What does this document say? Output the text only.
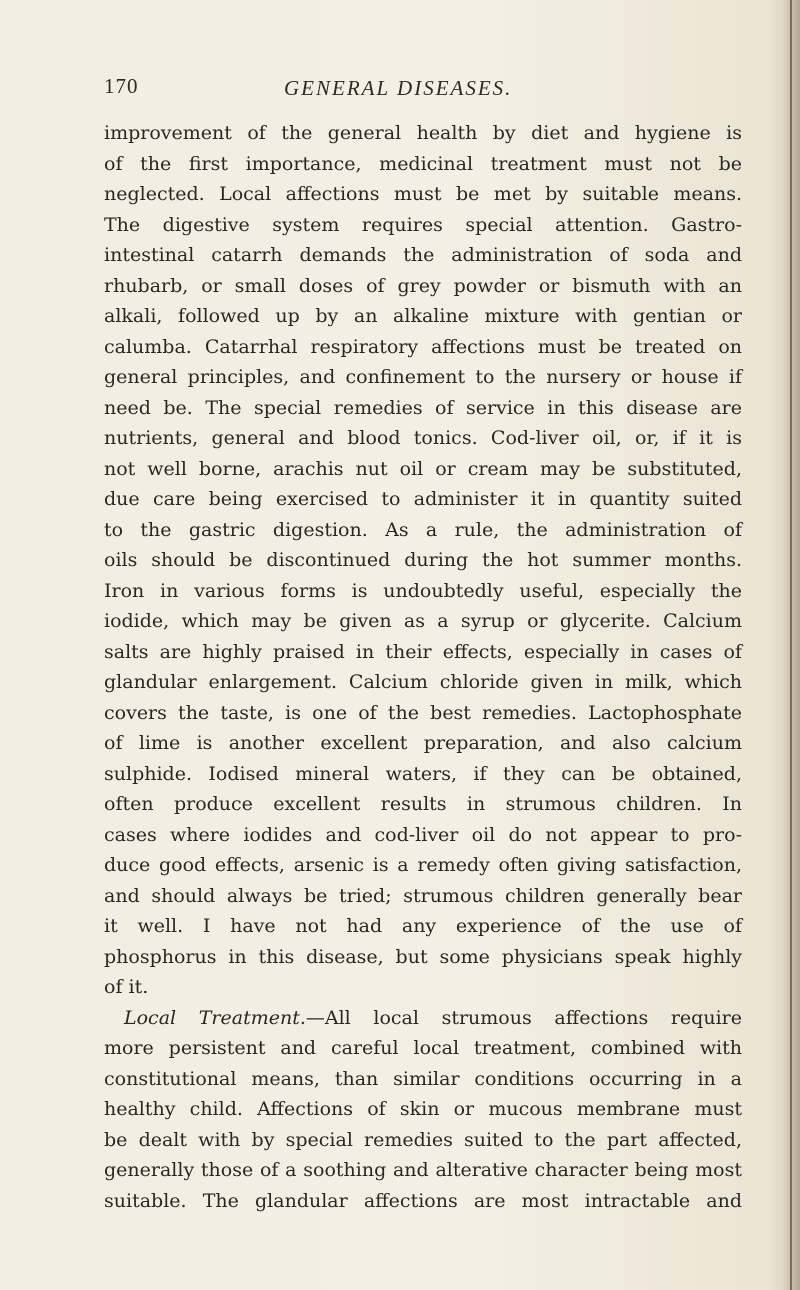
170	GENERAL DISEASES.
improvement of the general health by diet and hygiene is
of the first importance, medicinal treatment must not be
neglected. Local affections must be met by suitable means.
The digestive system requires special attention. Gastro-
intestinal catarrh demands the administration of soda and
rhubarb, or small doses of grey powder or bismuth with an
alkali, followed up by an alkaline mixture with gentian or
calumba. Catarrhal respiratory affections must be treated on
general principles, and confinement to the nursery or house if
need be. The special remedies of service in this disease are
nutrients, general and blood tonics. Cod-liver oil, or, if it is
not well borne, arachis nut oil or cream may be substituted,
due care being exercised to administer it in quantity suited
to the gastric digestion. As a rule, the administration of
oils should be discontinued during the hot summer months.
Iron in various forms is undoubtedly useful, especially the
iodide, which may be given as a syrup or glycerite. Calcium
salts are highly praised in their effects, especially in cases of
glandular enlargement. Calcium chloride given in milk, which
covers the taste, is one of the best remedies. Lactophosphate
of lime is another excellent preparation, and also calcium
sulphide. Iodised mineral waters, if they can be obtained,
often produce excellent results in strumous children. In
cases where iodides and cod-liver oil do not appear to pro-
duce good effects, arsenic is a remedy often giving satisfaction,
and should always be tried; strumous children generally bear
it well. I have not had any experience of the use of
phosphorus in this disease, but some physicians speak highly
of it.
Local Treatment.—All local strumous affections require
more persistent and careful local treatment, combined with
constitutional means, than similar conditions occurring in a
healthy child. Affections of skin or mucous membrane must
be dealt with by special remedies suited to the part affected,
generally those of a soothing and alterative character being most
suitable. The glandular affections are most intractable and
